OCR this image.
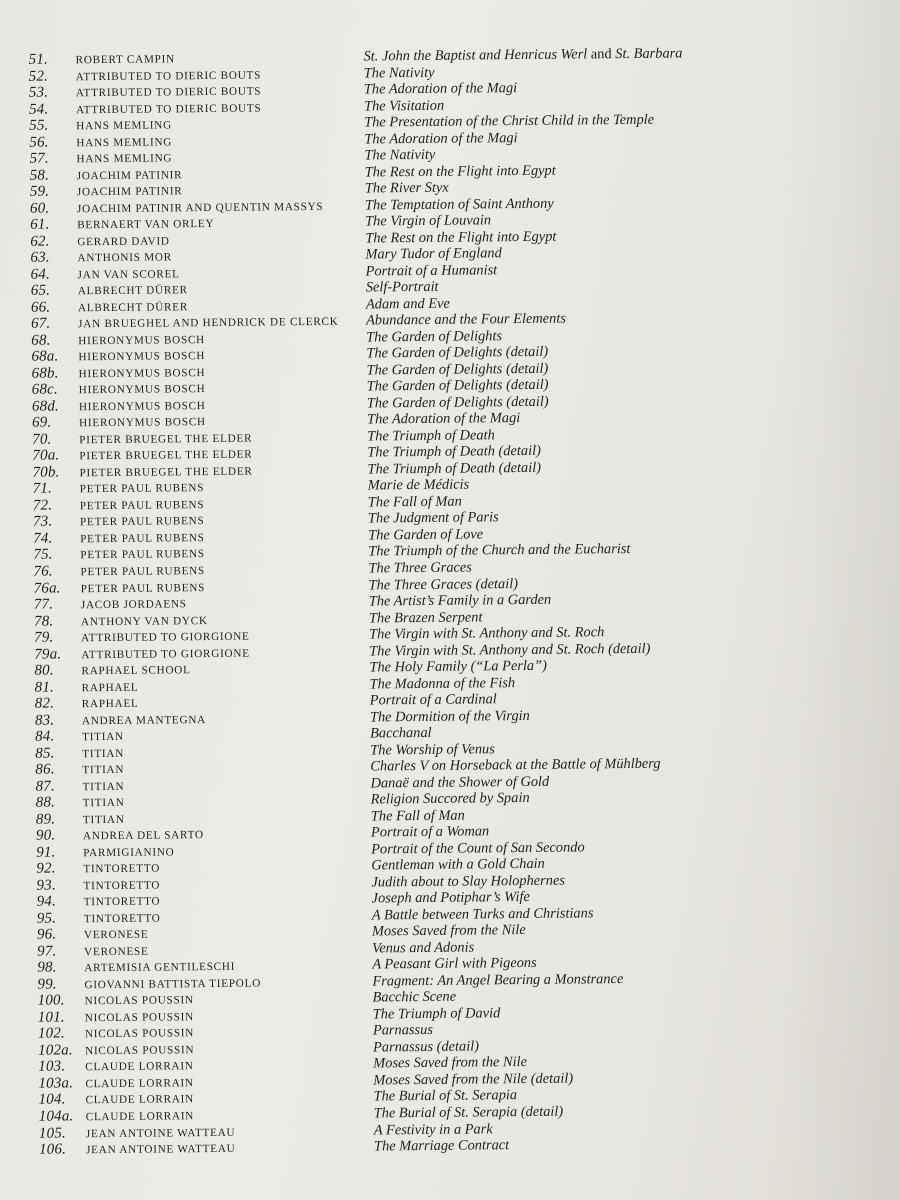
51.	ROBERT CAMPIN	St. John the Baptist and Henricus Werl and St. Barbara
52.	ATTRIBUTED TO DIERIC BOUTS	The Nativity
53.	ATTRIBUTED TO DIERIC BOUTS	The Adoration of the Magi
54.	ATTRIBUTED TO DIERIC BOUTS	The Visitation
55.	HANS MEMLING	The Presentation of the Christ Child in the Temple
56.	HANS MEMLING	The Adoration of the Magi
57.	HANS MEMLING	The Nativity
58.	JOACHIM PATINIR	The Rest on the Flight into Egypt
59.	JOACHIM PATINIR	The River Styx
60.	JOACHIM PATINIR AND QUENTIN MASSYS	The Temptation of Saint Anthony
61.	BERNAERT VAN ORLEY	The Virgin of Louvain
62.	GERARD DAVID	The Rest on the Flight into Egypt
63.	ANTHONIS MOR	Mary Tudor of England
64.	JAN VAN SCOREL	Portrait of a Humanist
65.	ALBRECHT DÜRER	Self-Portrait
66.	ALBRECHT DÜRER	Adam and Eve
67.	JAN BRUEGHEL AND HENDRICK DE CLERCK Abundance and the Four Elements
68.	HIERONYMUS BOSCH	The Garden of Delights
68a.	HIERONYMUS BOSCH	The Garden of Delights (detail)
68b.	HIERONYMUS BOSCH	The Garden of Delights (detail)
68c.	HIERONYMUS BOSCH	The Garden of Delights (detail)
68d.	HIERONYMUS BOSCH	The Garden of Delights (detail)
69.	HIERONYMUS BOSCH	The Adoration of the Magi
70.	PIETER BRUEGEL THE ELDER	The Triumph of Death
70a.	PIETER BRUEGEL THE ELDER	The Triumph of Death (detail)
70b.	PIETER BRUEGEL THE ELDER	The Triumph of Death (detail)
71.	PETER PAUL RUBENS	Marie de Médicis
72.	PETER PAUL RUBENS	The Fall of Man
73.	PETER PAUL RUBENS	The Judgment of Paris
74.	PETER PAUL RUBENS	The Garden of Love
75.	PETER PAUL RUBENS	The Triumph of the Church and the Eucharist
76.	PETER PAUL RUBENS	The Three Graces
76a.	PETER PAUL RUBENS	The Three Graces (detail)
77.	JACOB JORDAENS	The Artist’s Family in a Garden
78.	ANTHONY VAN DYCK	The Brazen Serpent
79.	ATTRIBUTED TO GIORGIONE	The Virgin with St. Anthony and St. Roch
79a.	ATTRIBUTED TO GIORGIONE	The Virgin with St. Anthony and St. Roch (detail)
80.	RAPHAEL SCHOOL	The Holy Family (“La Perla”)
81.	RAPHAEL	The Madonna of the Fish
82.	RAPHAEL	Portrait of a Cardinal
83.	ANDREA MANTEGNA	The Dormition of the Virgin
84.	TITIAN	Bacchanal
85.	TITIAN	The Worship of Venus
86.	TITIAN	Charles V on Horseback at the Battle of Mühlberg
87.	TITIAN	Danaë and the Shower of Gold
88.	TITIAN	Religion Succored by Spain
89.	TITIAN	The Fall of Man
90.	ANDREA DEL SARTO	Portrait of a Woman
91.	PARMIGIANINO	Portrait of the Count of San Secondo
92.	TINTORETTO	Gentleman with a Gold Chain
93.	TINTORETTO	Judith about to Slay Holophernes
94.	TINTORETTO	Joseph and Potiphar’s Wife
95.	TINTORETTO	A Battle between Turks and Christians
96.	VERONESE	Moses Saved from the Nile
97.	VERONESE	Venus and Adonis
98.	ARTEMISIA GENTILESCHI	A Peasant Girl with Pigeons
99.	GIOVANNI BATTISTA TIEPOLO	Fragment: An Angel Bearing a Monstrance
100.	NICOLAS POUSSIN	Bacchic Scene
101.	NICOLAS POUSSIN	The Triumph of David
102.	NICOLAS POUSSIN	Parnassus
102a.	NICOLAS POUSSIN	Parnassus (detail)
103.	CLAUDE LORRAIN	Moses Saved from the Nile
103a.	CLAUDE LORRAIN	Moses Saved from the Nile (detail)
104.	CLAUDE LORRAIN	The Burial of St. Serapia
104a.	CLAUDE LORRAIN	The Burial of St. Serapia (detail)
105.	JEAN ANTOINE WATTEAU	A Festivity in a Park
106.	JEAN ANTOINE WATTEAU	The Marriage Contract
